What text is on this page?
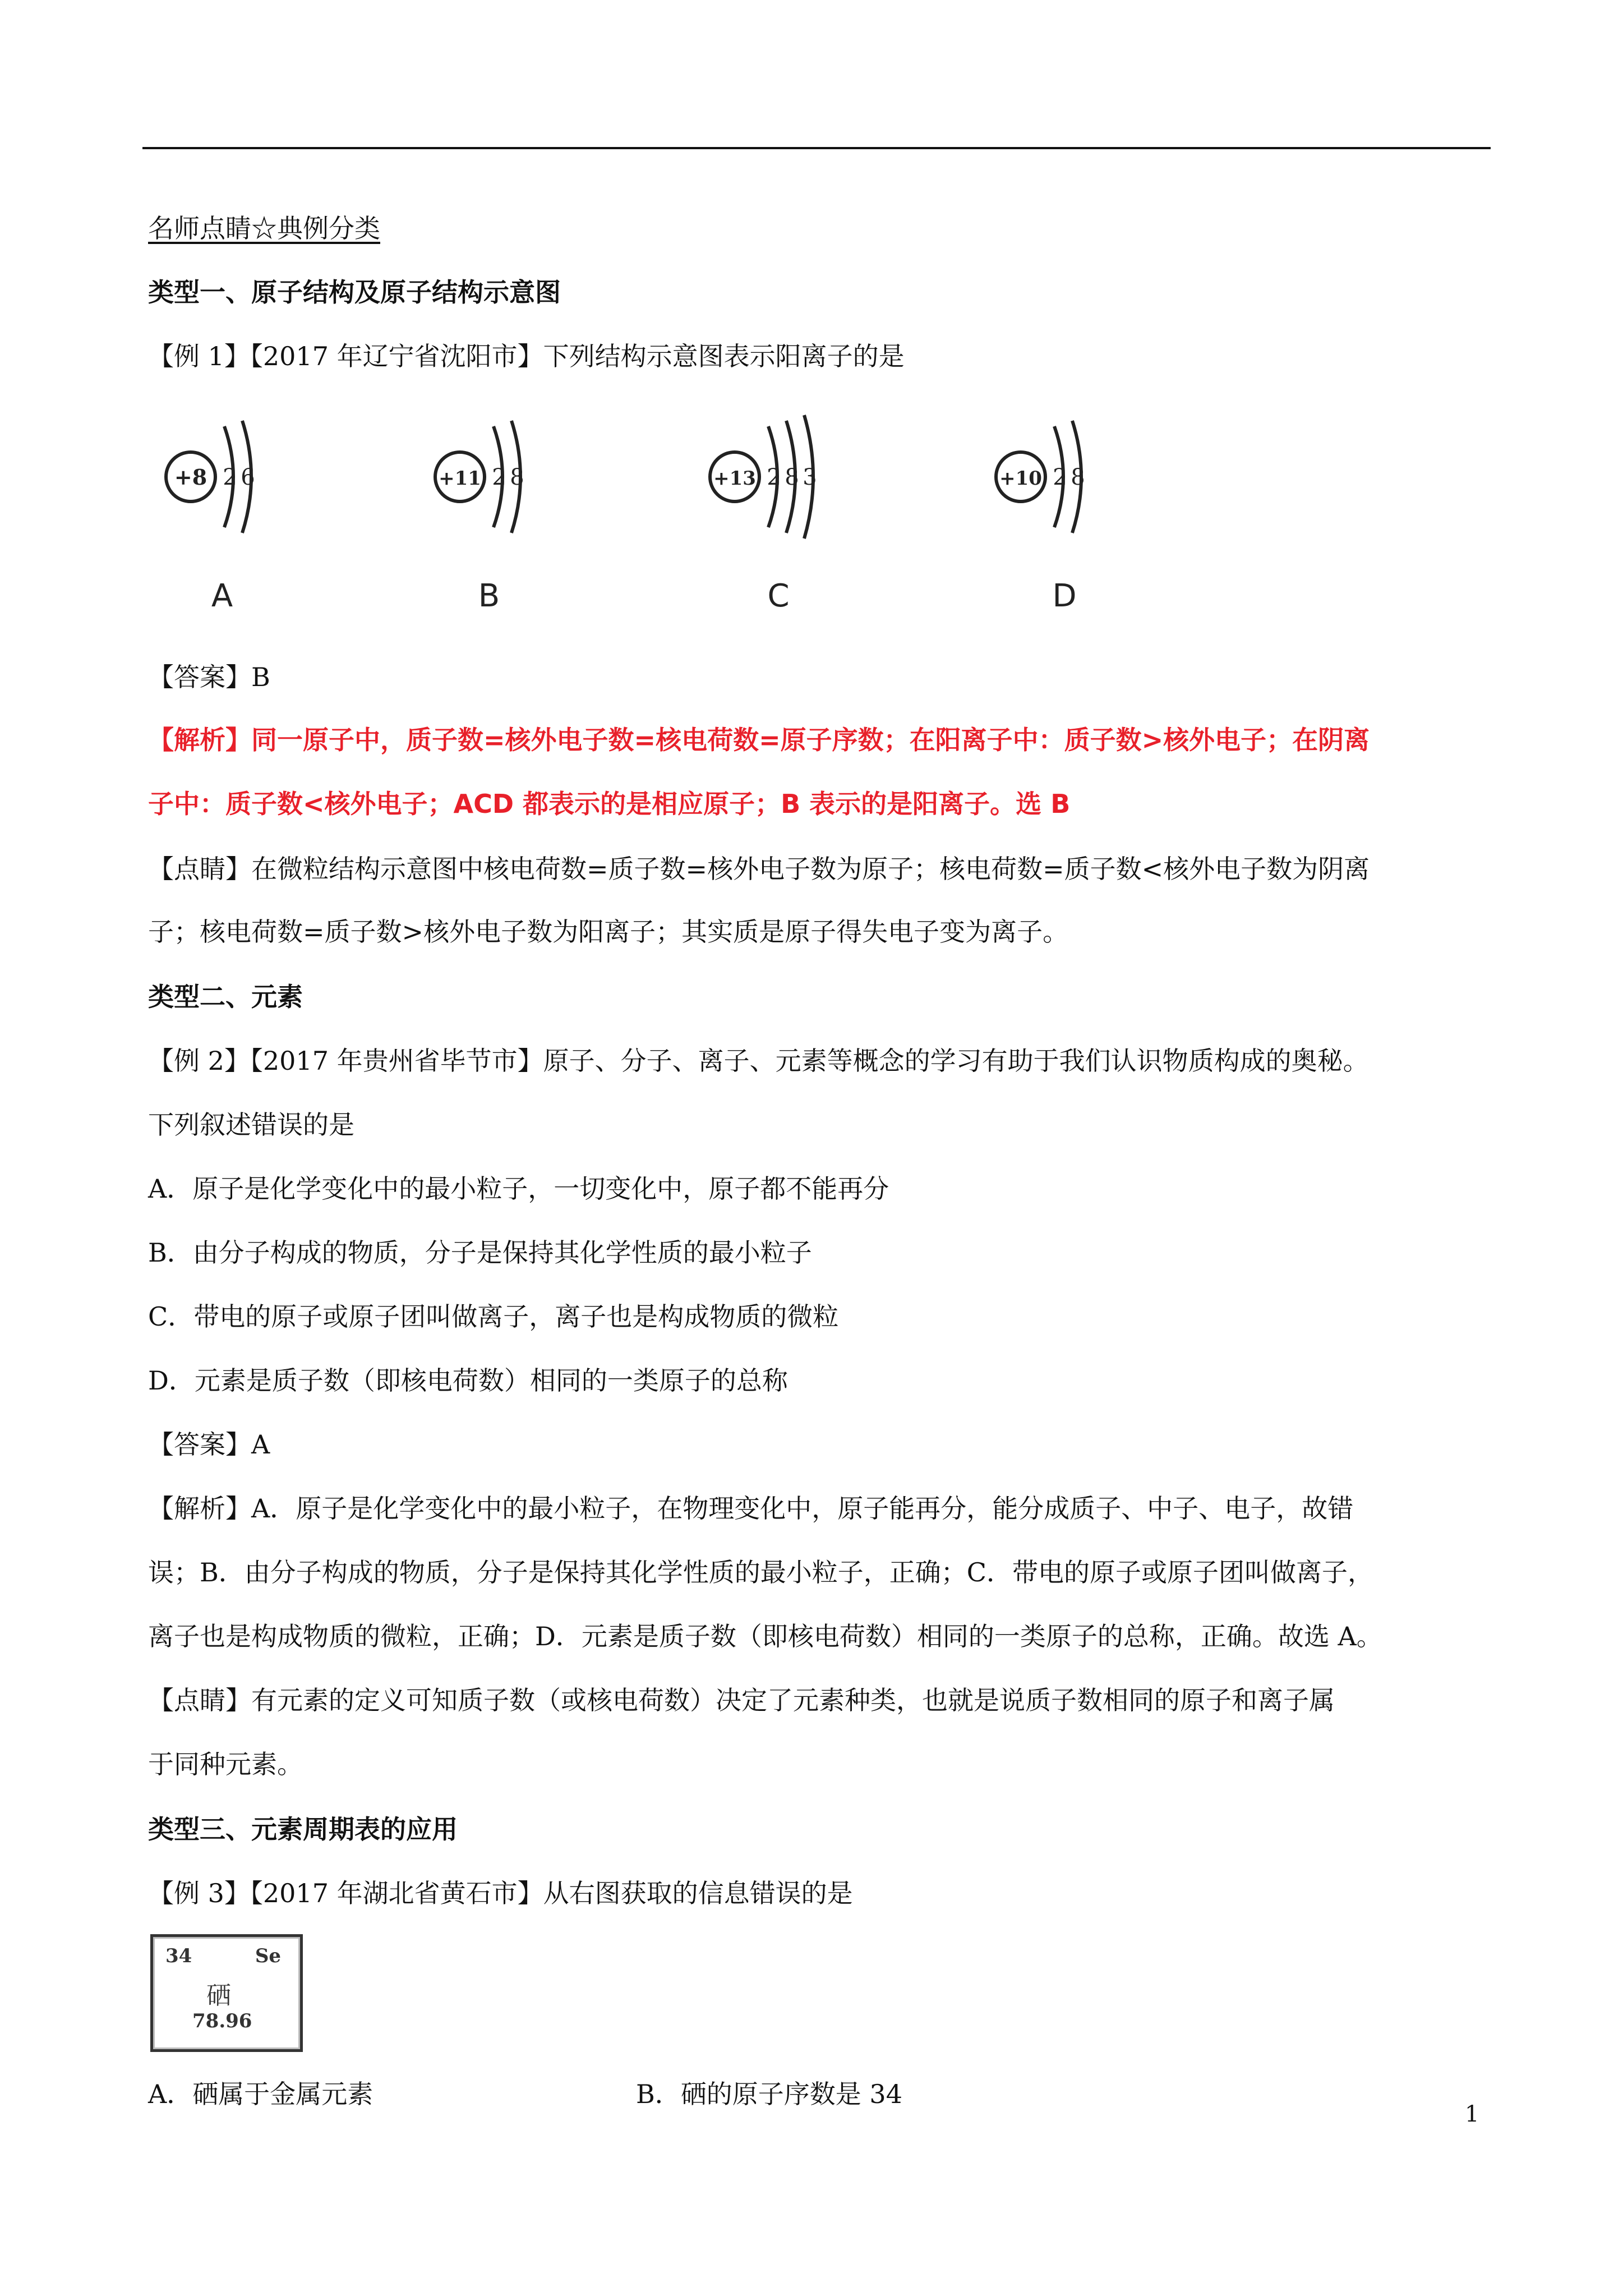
名师点睛☆典例分类
类型一、原子结构及原子结构示意图
【例 1】【2017 年辽宁省沈阳市】下列结构示意图表示阳离子的是
+8 2 6
A
+11 2 8
B
+13 2 8 3
C
+10 2 8
D
【答案】B
【解析】同一原子中，质子数=核外电子数=核电荷数=原子序数；在阳离子中：质子数>核外电子；在阴离
子中：质子数<核外电子；ACD 都表示的是相应原子；B 表示的是阳离子。选 B
【点睛】在微粒结构示意图中核电荷数=质子数=核外电子数为原子；核电荷数=质子数<核外电子数为阴离
子；核电荷数=质子数>核外电子数为阳离子；其实质是原子得失电子变为离子。
类型二、元素
【例 2】【2017 年贵州省毕节市】原子、分子、离子、元素等概念的学习有助于我们认识物质构成的奥秘。
下列叙述错误的是
A．原子是化学变化中的最小粒子，一切变化中，原子都不能再分
B．由分子构成的物质，分子是保持其化学性质的最小粒子
C．带电的原子或原子团叫做离子，离子也是构成物质的微粒
D．元素是质子数（即核电荷数）相同的一类原子的总称
【答案】A
【解析】A．原子是化学变化中的最小粒子，在物理变化中，原子能再分，能分成质子、中子、电子，故错
误；B．由分子构成的物质，分子是保持其化学性质的最小粒子，正确；C．带电的原子或原子团叫做离子，
离子也是构成物质的微粒，正确；D．元素是质子数（即核电荷数）相同的一类原子的总称，正确。故选 A。
【点睛】有元素的定义可知质子数（或核电荷数）决定了元素种类，也就是说质子数相同的原子和离子属
于同种元素。
类型三、元素周期表的应用
【例 3】【2017 年湖北省黄石市】从右图获取的信息错误的是
34	Se
硒
78.96
A．硒属于金属元素	B．硒的原子序数是 34
1
